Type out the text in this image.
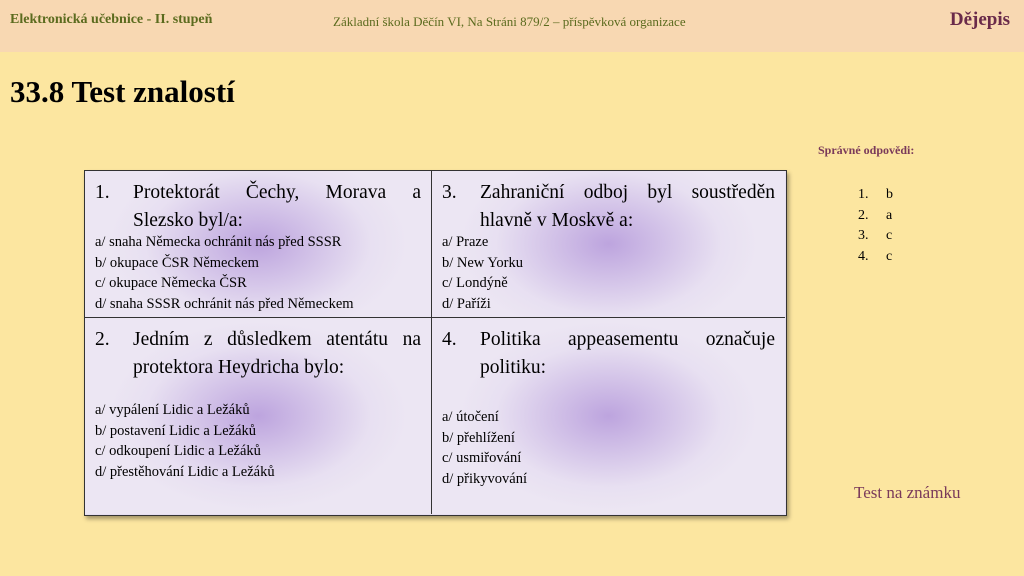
Elektronická učebnice - II. stupeň	Základní škola Děčín VI, Na Stráni 879/2 – příspěvková organizace	Dějepis
33.8 Test znalostí
Správné odpovědi:
1.	b
2.	a
3.	c
4.	c
1. Protektorát Čechy, Morava a Slezsko byl/a:
a/ snaha Německa ochránit nás před SSSR
b/ okupace ČSR Německem
c/ okupace Německa ČSR
d/ snaha SSSR ochránit nás před Německem
3. Zahraniční odboj byl soustředěn hlavně v Moskvě a:
a/ Praze
b/ New Yorku
c/ Londýně
d/ Paříži
2. Jedním z důsledkem atentátu na protektora Heydricha bylo:
a/ vypálení Lidic a Ležáků
b/ postavení Lidic a Ležáků
c/ odkoupení Lidic a Ležáků
d/ přestěhování Lidic a Ležáků
4. Politika appeasementu označuje politiku:
a/ útočení
b/ přehlížení
c/ usmiřování
d/ přikyvování
Test na známku
